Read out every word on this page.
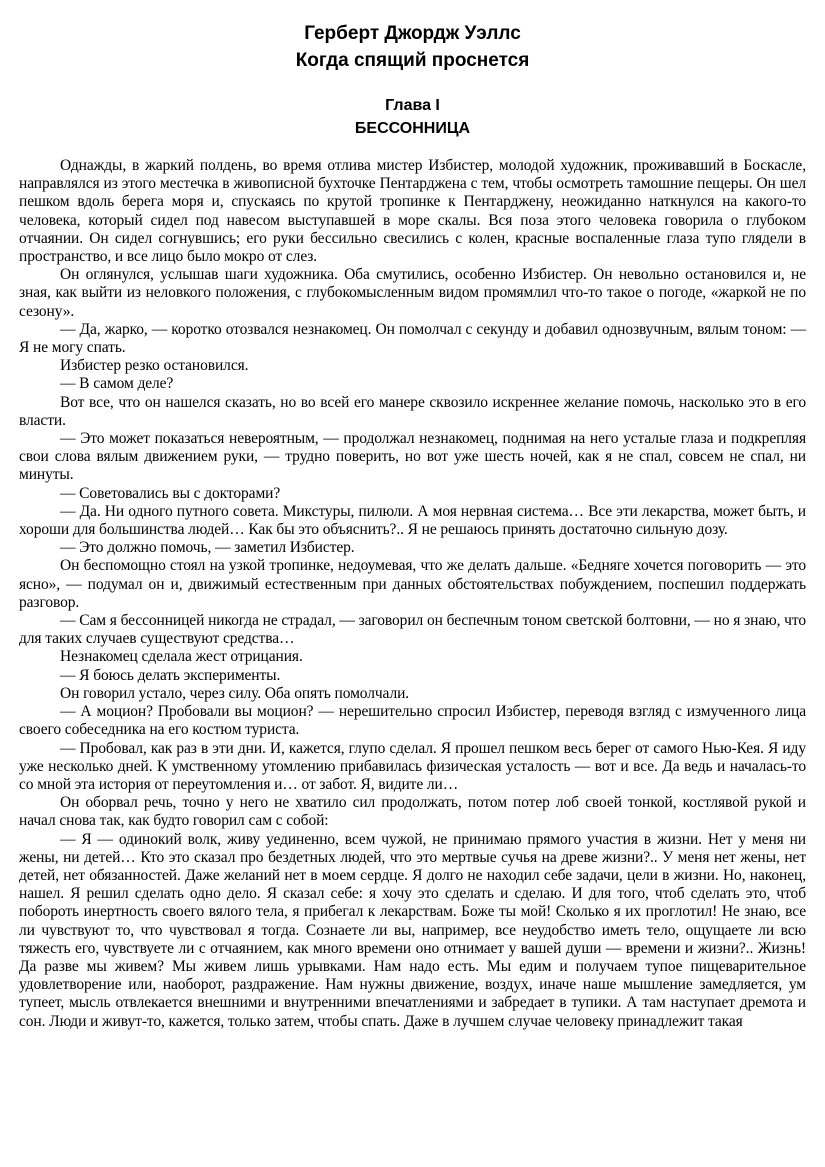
Герберт Джордж Уэллс
Когда спящий проснется
Глава I
БЕССОННИЦА

Однажды, в жаркий полдень, во время отлива мистер Избистер, молодой художник, проживавший в Боскасле, направлялся из этого местечка в живописной бухточке Пентарджена с тем, чтобы осмотреть тамошние пещеры. Он шел пешком вдоль берега моря и, спускаясь по крутой тропинке к Пентарджену, неожиданно наткнулся на какого-то человека, который сидел под навесом выступавшей в море скалы. Вся поза этого человека говорила о глубоком отчаянии. Он сидел согнувшись; его руки бессильно свесились с колен, красные воспаленные глаза тупо глядели в пространство, и все лицо было мокро от слез.

Он оглянулся, услышав шаги художника. Оба смутились, особенно Избистер. Он невольно остановился и, не зная, как выйти из неловкого положения, с глубокомысленным видом промямлил что-то такое о погоде, «жаркой не по сезону».

— Да, жарко, — коротко отозвался незнакомец. Он помолчал с секунду и добавил однозвучным, вялым тоном: — Я не могу спать.

Избистер резко остановился.

— В самом деле?

Вот все, что он нашелся сказать, но во всей его манере сквозило искреннее желание помочь, насколько это в его власти.

— Это может показаться невероятным, — продолжал незнакомец, поднимая на него усталые глаза и подкрепляя свои слова вялым движением руки, — трудно поверить, но вот уже шесть ночей, как я не спал, совсем не спал, ни минуты.

— Советовались вы с докторами?

— Да. Ни одного путного совета. Микстуры, пилюли. А моя нервная система… Все эти лекарства, может быть, и хороши для большинства людей… Как бы это объяснить?.. Я не решаюсь принять достаточно сильную дозу.

— Это должно помочь, — заметил Избистер.

Он беспомощно стоял на узкой тропинке, недоумевая, что же делать дальше. «Бедняге хочется поговорить — это ясно», — подумал он и, движимый естественным при данных обстоятельствах побуждением, поспешил поддержать разговор.

— Сам я бессонницей никогда не страдал, — заговорил он беспечным тоном светской болтовни, — но я знаю, что для таких случаев существуют средства…

Незнакомец сделала жест отрицания.

— Я боюсь делать эксперименты.

Он говорил устало, через силу. Оба опять помолчали.

— А моцион? Пробовали вы моцион? — нерешительно спросил Избистер, переводя взгляд с измученного лица своего собеседника на его костюм туриста.

— Пробовал, как раз в эти дни. И, кажется, глупо сделал. Я прошел пешком весь берег от самого Нью-Кея. Я иду уже несколько дней. К умственному утомлению прибавилась физическая усталость — вот и все. Да ведь и началась-то со мной эта история от переутомления и… от забот. Я, видите ли…

Он оборвал речь, точно у него не хватило сил продолжать, потом потер лоб своей тонкой, костлявой рукой и начал снова так, как будто говорил сам с собой:

— Я — одинокий волк, живу уединенно, всем чужой, не принимаю прямого участия в жизни. Нет у меня ни жены, ни детей… Кто это сказал про бездетных людей, что это мертвые сучья на древе жизни?.. У меня нет жены, нет детей, нет обязанностей. Даже желаний нет в моем сердце. Я долго не находил себе задачи, цели в жизни. Но, наконец, нашел. Я решил сделать одно дело. Я сказал себе: я хочу это сделать и сделаю. И для того, чтоб сделать это, чтоб побороть инертность своего вялого тела, я прибегал к лекарствам. Боже ты мой! Сколько я их проглотил! Не знаю, все ли чувствуют то, что чувствовал я тогда. Сознаете ли вы, например, все неудобство иметь тело, ощущаете ли всю тяжесть его, чувствуете ли с отчаянием, как много времени оно отнимает у вашей души — времени и жизни?.. Жизнь! Да разве мы живем? Мы живем лишь урывками. Нам надо есть. Мы едим и получаем тупое пищеварительное удовлетворение или, наоборот, раздражение. Нам нужны движение, воздух, иначе наше мышление замедляется, ум тупеет, мысль отвлекается внешними и внутренними впечатлениями и забредает в тупики. А там наступает дремота и сон. Люди и живут-то, кажется, только затем, чтобы спать. Даже в лучшем случае человеку принадлежит такая
